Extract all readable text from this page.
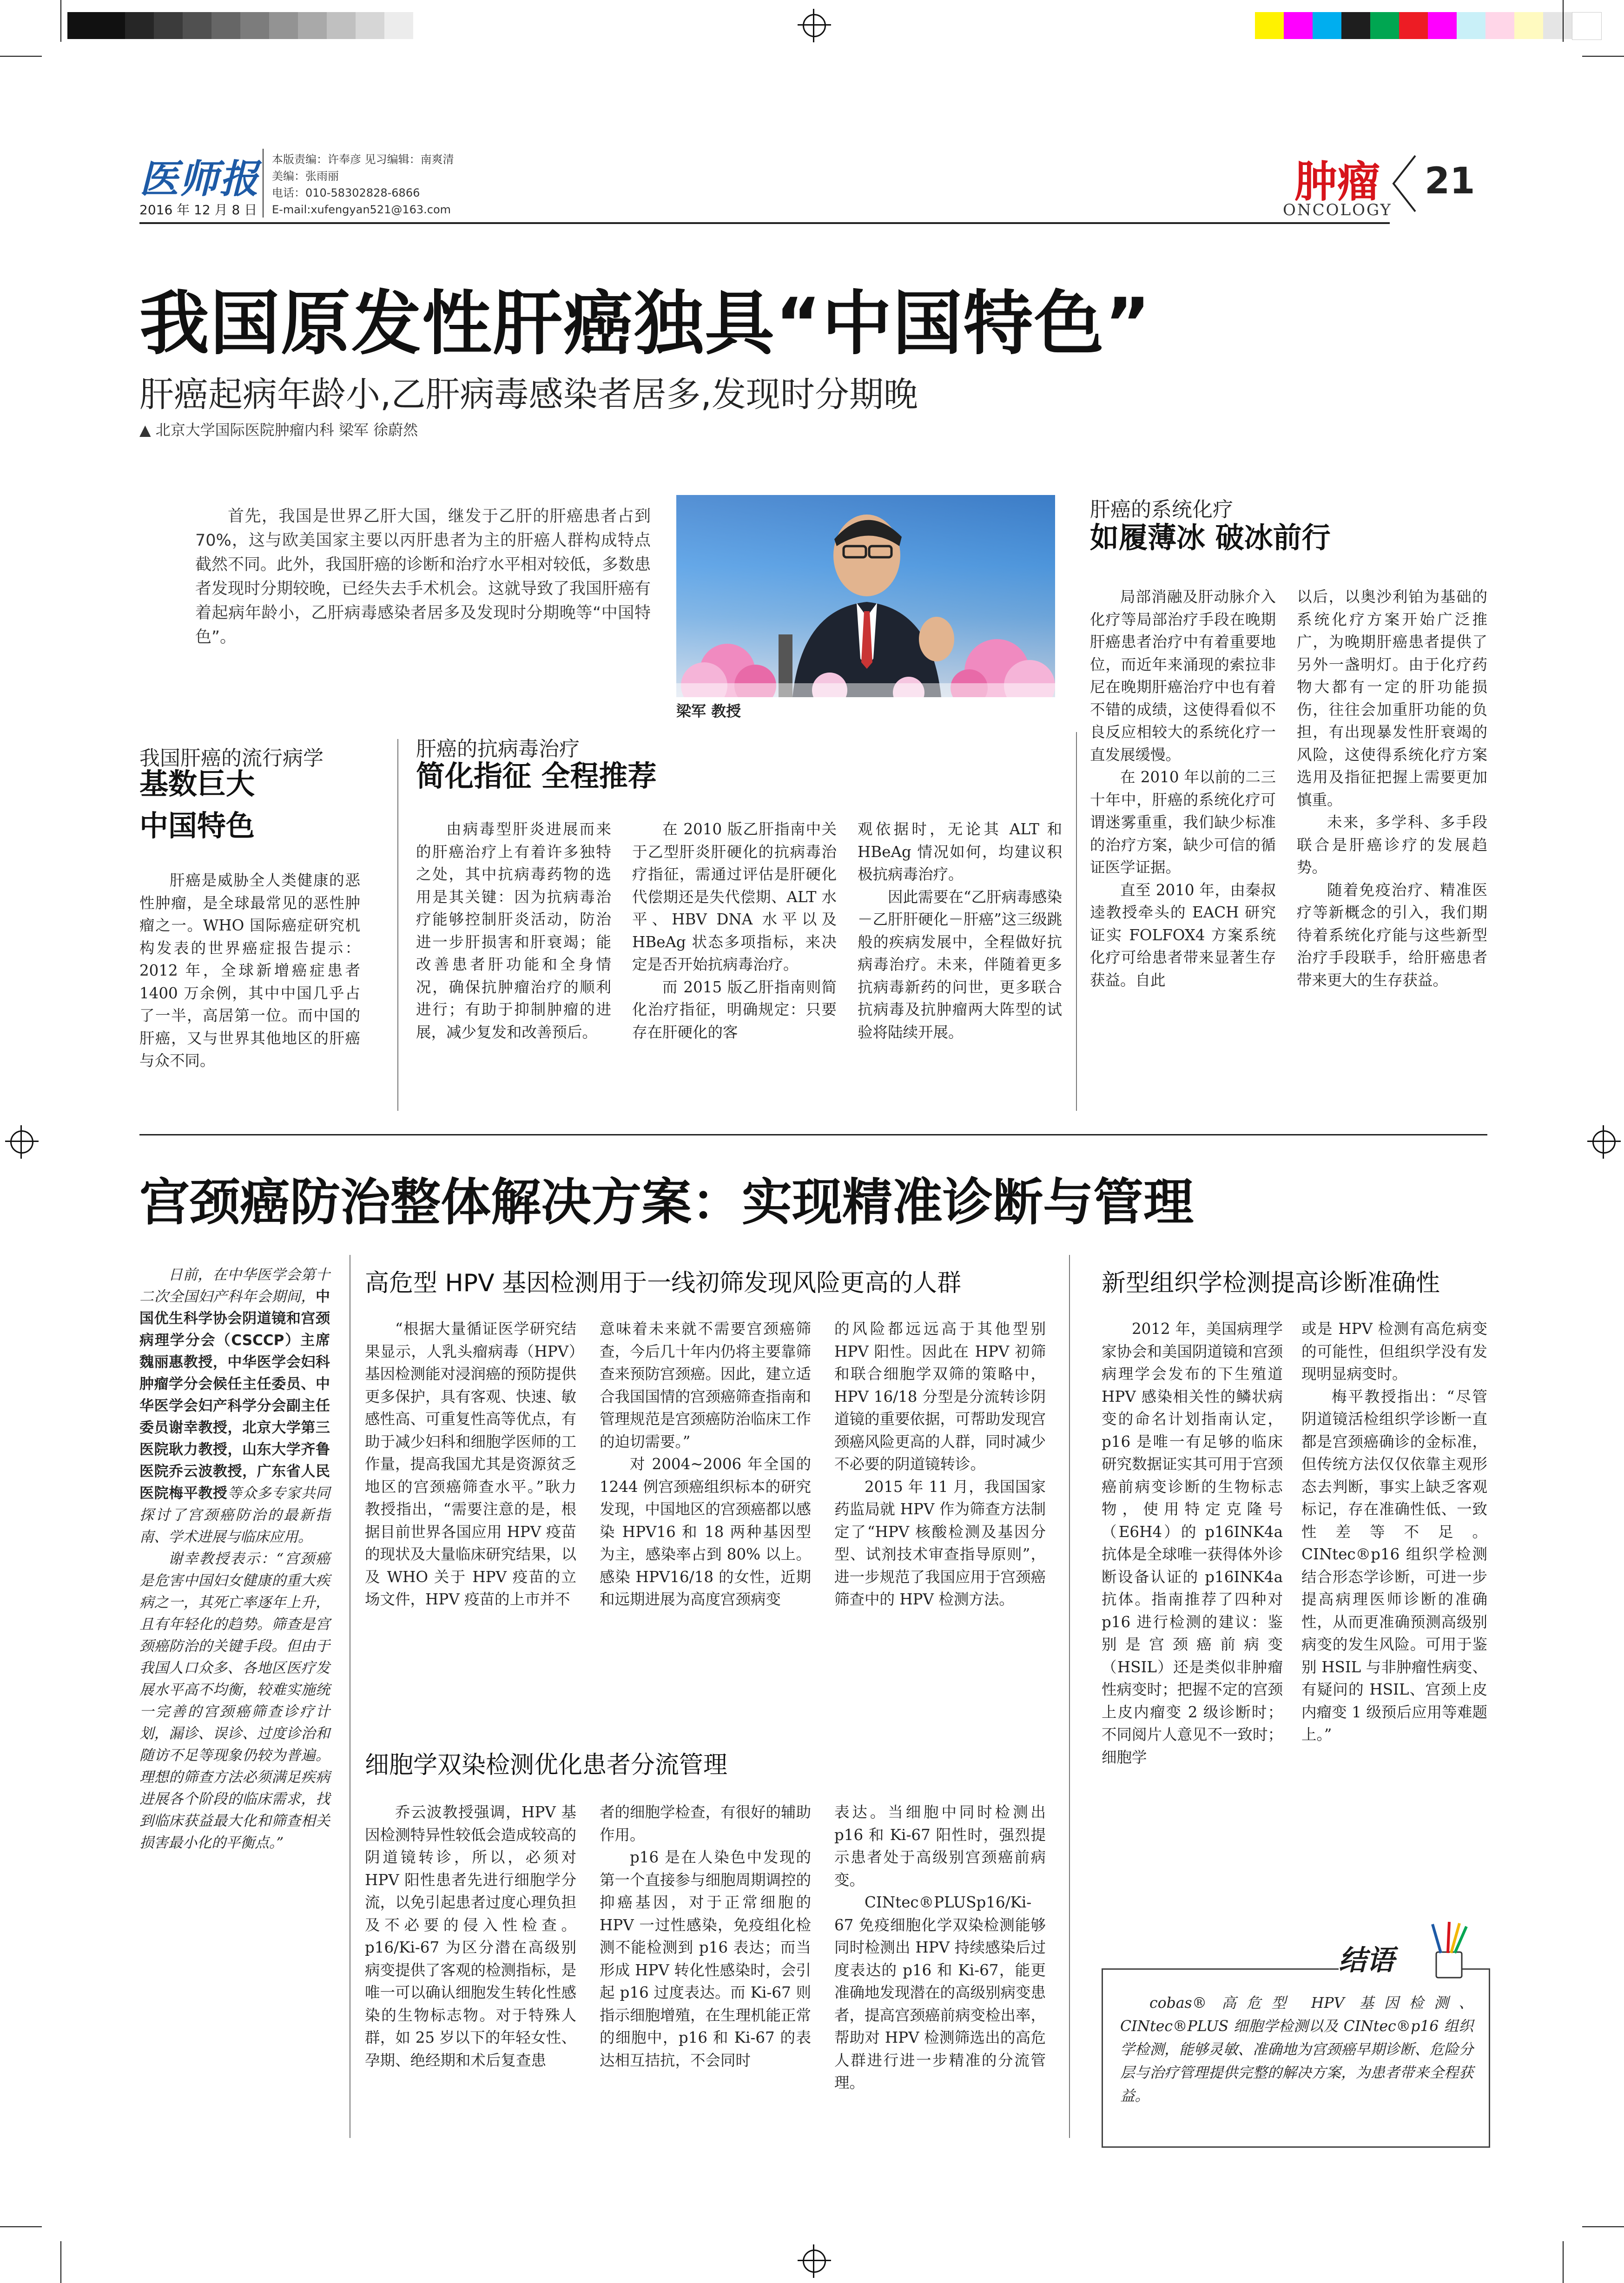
医师报
2016 年 12 月 8 日
本版责编：许奉彦 见习编辑：南爽清
美编：张雨丽
电话：010-58302828-6866
E-mail:xufengyan521@163.com
肿瘤
ONCOLOGY
21
我国原发性肝癌独具“中国特色”
肝癌起病年龄小,乙肝病毒感染者居多,发现时分期晚
▲ 北京大学国际医院肿瘤内科 梁军 徐蔚然

首先，我国是世界乙肝大国，继发于乙肝的肝癌患者占到 70%，这与欧美国家主要以丙肝患者为主的肝癌人群构成特点截然不同。此外，我国肝癌的诊断和治疗水平相对较低，多数患者发现时分期较晚，已经失去手术机会。这就导致了我国肝癌有着起病年龄小，乙肝病毒感染者居多及发现时分期晚等“中国特色”。

梁军 教授
肝癌的系统化疗
如履薄冰 破冰前行
我国肝癌的流行病学
基数巨大
中国特色

肝癌是威胁全人类健康的恶性肿瘤，是全球最常见的恶性肿瘤之一。WHO 国际癌症研究机构发表的世界癌症报告提示：2012 年，全球新增癌症患者 1400 万余例，其中中国几乎占了一半，高居第一位。而中国的肝癌，又与世界其他地区的肝癌与众不同。

肝癌的抗病毒治疗
简化指征 全程推荐

由病毒型肝炎进展而来的肝癌治疗上有着许多独特之处，其中抗病毒药物的选用是其关键：因为抗病毒治疗能够控制肝炎活动，防治进一步肝损害和肝衰竭；能改善患者肝功能和全身情况，确保抗肿瘤治疗的顺利进行；有助于抑制肿瘤的进展，减少复发和改善预后。

在 2010 版乙肝指南中关于乙型肝炎肝硬化的抗病毒治疗指征，需通过评估是肝硬化代偿期还是失代偿期、ALT 水平、HBV DNA 水平以及 HBeAg 状态多项指标，来决定是否开始抗病毒治疗。

而 2015 版乙肝指南则简化治疗指征，明确规定：只要存在肝硬化的客

观依据时，无论其 ALT 和 HBeAg 情况如何，均建议积极抗病毒治疗。

因此需要在“乙肝病毒感染－乙肝肝硬化－肝癌”这三级跳般的疾病发展中，全程做好抗病毒治疗。未来，伴随着更多抗病毒新药的问世，更多联合抗病毒及抗肿瘤两大阵型的试验将陆续开展。

局部消融及肝动脉介入化疗等局部治疗手段在晚期肝癌患者治疗中有着重要地位，而近年来涌现的索拉非尼在晚期肝癌治疗中也有着不错的成绩，这使得看似不良反应相较大的系统化疗一直发展缓慢。

在 2010 年以前的二三十年中，肝癌的系统化疗可谓迷雾重重，我们缺少标准的治疗方案，缺少可信的循证医学证据。

直至 2010 年，由秦叔逵教授牵头的 EACH 研究证实 FOLFOX4 方案系统化疗可给患者带来显著生存获益。自此

以后，以奥沙利铂为基础的系统化疗方案开始广泛推广，为晚期肝癌患者提供了另外一盏明灯。由于化疗药物大都有一定的肝功能损伤，往往会加重肝功能的负担，有出现暴发性肝衰竭的风险，这使得系统化疗方案选用及指征把握上需要更加慎重。

未来，多学科、多手段联合是肝癌诊疗的发展趋势。

随着免疫治疗、精准医疗等新概念的引入，我们期待着系统化疗能与这些新型治疗手段联手，给肝癌患者带来更大的生存获益。

宫颈癌防治整体解决方案：实现精准诊断与管理

日前，在中华医学会第十二次全国妇产科年会期间，中国优生科学协会阴道镜和宫颈病理学分会（CSCCP）主席魏丽惠教授，中华医学会妇科肿瘤学分会候任主任委员、中华医学会妇产科学分会副主任委员谢幸教授，北京大学第三医院耿力教授，山东大学齐鲁医院乔云波教授，广东省人民医院梅平教授等众多专家共同探讨了宫颈癌防治的最新指南、学术进展与临床应用。

谢幸教授表示：“宫颈癌是危害中国妇女健康的重大疾病之一，其死亡率逐年上升，且有年轻化的趋势。筛查是宫颈癌防治的关键手段。但由于我国人口众多、各地区医疗发展水平高不均衡，较难实施统一完善的宫颈癌筛查诊疗计划，漏诊、误诊、过度诊治和随访不足等现象仍较为普遍。理想的筛查方法必须满足疾病进展各个阶段的临床需求，找到临床获益最大化和筛查相关损害最小化的平衡点。”

高危型 HPV 基因检测用于一线初筛发现风险更高的人群

“根据大量循证医学研究结果显示，人乳头瘤病毒（HPV）基因检测能对浸润癌的预防提供更多保护，具有客观、快速、敏感性高、可重复性高等优点，有助于减少妇科和细胞学医师的工作量，提高我国尤其是资源贫乏地区的宫颈癌筛查水平。”耿力教授指出，“需要注意的是，根据目前世界各国应用 HPV 疫苗的现状及大量临床研究结果，以及 WHO 关于 HPV 疫苗的立场文件，HPV 疫苗的上市并不

意味着未来就不需要宫颈癌筛查，今后几十年内仍将主要靠筛查来预防宫颈癌。因此，建立适合我国国情的宫颈癌筛查指南和管理规范是宫颈癌防治临床工作的迫切需要。”

对 2004~2006 年全国的 1244 例宫颈癌组织标本的研究发现，中国地区的宫颈癌都以感染 HPV16 和 18 两种基因型为主，感染率占到 80% 以上。感染 HPV16/18 的女性，近期和远期进展为高度宫颈病变

的风险都远远高于其他型别 HPV 阳性。因此在 HPV 初筛和联合细胞学双筛的策略中，HPV 16/18 分型是分流转诊阴道镜的重要依据，可帮助发现宫颈癌风险更高的人群，同时减少不必要的阴道镜转诊。

2015 年 11 月，我国国家药监局就 HPV 作为筛查方法制定了“HPV 核酸检测及基因分型、试剂技术审查指导原则”，进一步规范了我国应用于宫颈癌筛查中的 HPV 检测方法。

细胞学双染检测优化患者分流管理

乔云波教授强调，HPV 基因检测特异性较低会造成较高的阴道镜转诊，所以，必须对 HPV 阳性患者先进行细胞学分流，以免引起患者过度心理负担及不必要的侵入性检查。p16/Ki-67 为区分潜在高级别病变提供了客观的检测指标，是唯一可以确认细胞发生转化性感染的生物标志物。对于特殊人群，如 25 岁以下的年轻女性、孕期、绝经期和术后复查患

者的细胞学检查，有很好的辅助作用。

p16 是在人染色中发现的第一个直接参与细胞周期调控的抑癌基因，对于正常细胞的 HPV 一过性感染，免疫组化检测不能检测到 p16 表达；而当形成 HPV 转化性感染时，会引起 p16 过度表达。而 Ki-67 则指示细胞增殖，在生理机能正常的细胞中，p16 和 Ki-67 的表达相互拮抗，不会同时

表达。当细胞中同时检测出 p16 和 Ki-67 阳性时，强烈提示患者处于高级别宫颈癌前病变。

CINtec®PLUSp16/Ki-67 免疫细胞化学双染检测能够同时检测出 HPV 持续感染后过度表达的 p16 和 Ki-67，能更准确地发现潜在的高级别病变患者，提高宫颈癌前病变检出率，帮助对 HPV 检测筛选出的高危人群进行进一步精准的分流管理。

新型组织学检测提高诊断准确性

2012 年，美国病理学家协会和美国阴道镜和宫颈病理学会发布的下生殖道 HPV 感染相关性的鳞状病变的命名计划指南认定，p16 是唯一有足够的临床研究数据证实其可用于宫颈癌前病变诊断的生物标志物，使用特定克隆号（E6H4）的 p16INK4a 抗体是全球唯一获得体外诊断设备认证的 p16INK4a 抗体。指南推荐了四种对 p16 进行检测的建议：鉴别是宫颈癌前病变（HSIL）还是类似非肿瘤性病变时；把握不定的宫颈上皮内瘤变 2 级诊断时；不同阅片人意见不一致时；细胞学

或是 HPV 检测有高危病变的可能性，但组织学没有发现明显病变时。

梅平教授指出：“尽管阴道镜活检组织学诊断一直都是宫颈癌确诊的金标准，但传统方法仅仅依靠主观形态去判断，事实上缺乏客观标记，存在准确性低、一致性差等不足。CINtec®p16 组织学检测结合形态学诊断，可进一步提高病理医师诊断的准确性，从而更准确预测高级别病变的发生风险。可用于鉴别 HSIL 与非肿瘤性病变、有疑问的 HSIL、宫颈上皮内瘤变 1 级预后应用等难题上。”

结语

cobas® 高危型 HPV 基因检测、CINtec®PLUS 细胞学检测以及 CINtec®p16 组织学检测，能够灵敏、准确地为宫颈癌早期诊断、危险分层与治疗管理提供完整的解决方案，为患者带来全程获益。
